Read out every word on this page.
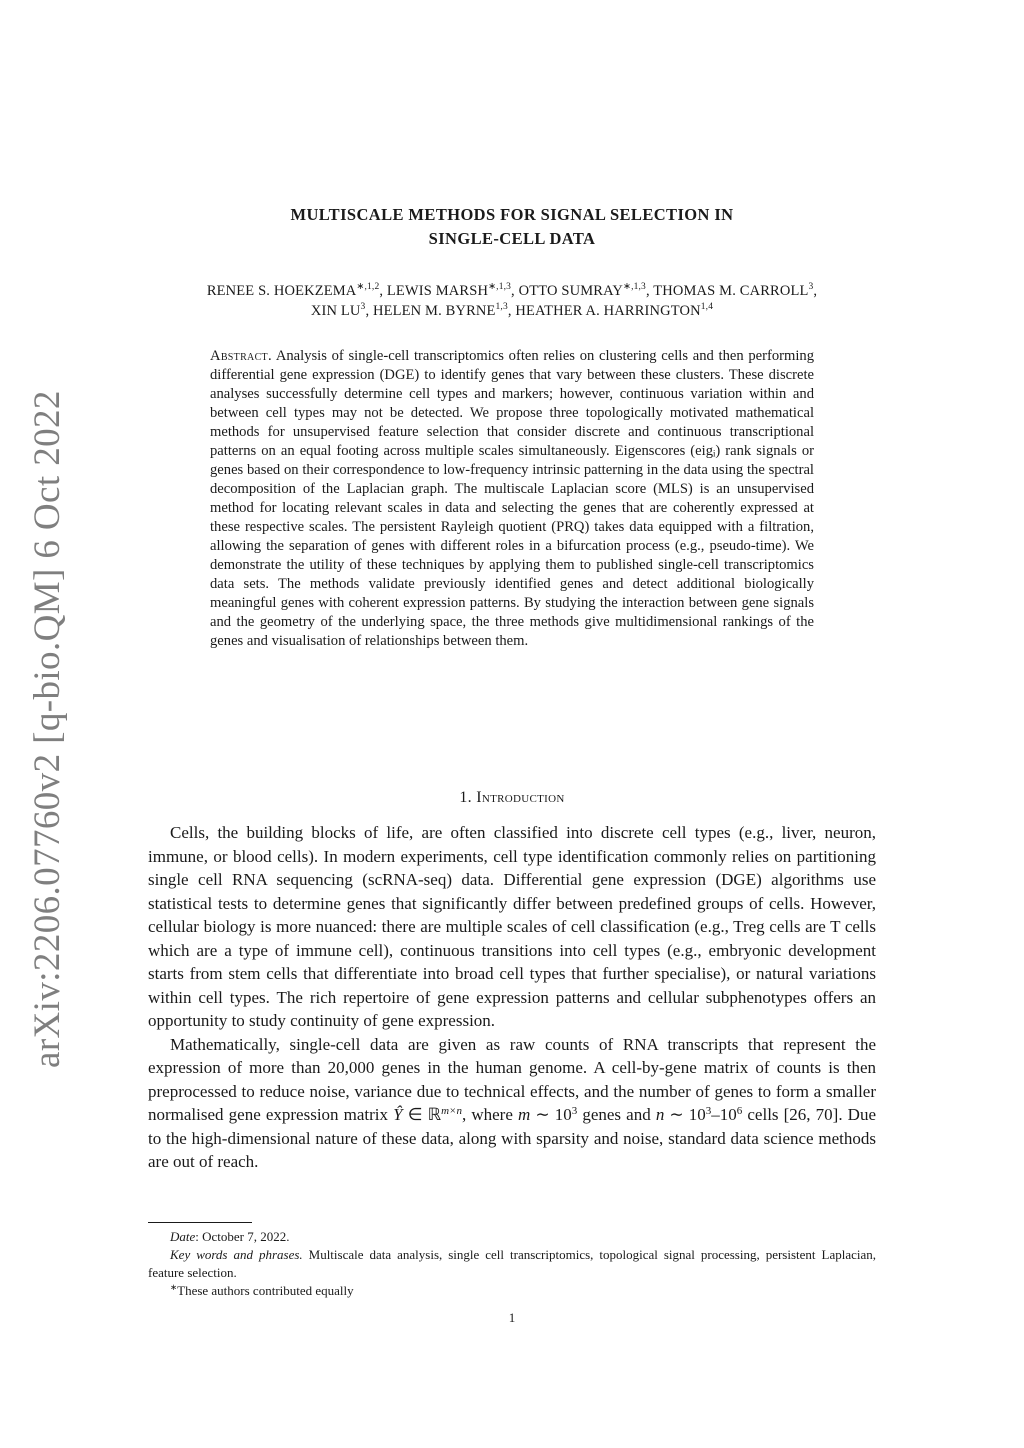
arXiv:2206.07760v2 [q-bio.QM] 6 Oct 2022
MULTISCALE METHODS FOR SIGNAL SELECTION IN
SINGLE-CELL DATA
RENEE S. $HOEKZEMA^{∗,1,2}$, LEWIS $MARSH^{∗,1,3}$, OTTO $SUMRAY^{∗,1,3}$, THOMAS M. CARROLL$^3$,
XIN $LU^3$, HELEN M. BYRNE$^{1,3}$, HEATHER A. HARRINGTON$^{1,4}$
Abstract. Analysis of single-cell transcriptomics often relies on clustering cells and then performing differential gene expression (DGE) to identify genes that vary between these clusters. These discrete analyses successfully determine cell types and markers; however, continuous variation within and between cell types may not be detected. We propose three topologically motivated mathematical methods for unsupervised feature selection that consider discrete and continuous transcriptional patterns on an equal footing across multiple scales simultaneously. Eigenscores (eigᵢ) rank signals or genes based on their correspondence to low-frequency intrinsic patterning in the data using the spectral decomposition of the Laplacian graph. The multiscale Laplacian score (MLS) is an unsupervised method for locating relevant scales in data and selecting the genes that are coherently expressed at these respective scales. The persistent Rayleigh quotient (PRQ) takes data equipped with a filtration, allowing the separation of genes with different roles in a bifurcation process (e.g., pseudo-time). We demonstrate the utility of these techniques by applying them to published single-cell transcriptomics data sets. The methods validate previously identified genes and detect additional biologically meaningful genes with coherent expression patterns. By studying the interaction between gene signals and the geometry of the underlying space, the three methods give multidimensional rankings of the genes and visualisation of relationships between them.
1. Introduction

Cells, the building blocks of life, are often classified into discrete cell types (e.g., liver, neuron, immune, or blood cells). In modern experiments, cell type identification commonly relies on partitioning single cell RNA sequencing (scRNA-seq) data. Differential gene expression (DGE) algorithms use statistical tests to determine genes that significantly differ between predefined groups of cells. However, cellular biology is more nuanced: there are multiple scales of cell classification (e.g., Treg cells are T cells which are a type of immune cell), continuous transitions into cell types (e.g., embryonic development starts from stem cells that differentiate into broad cell types that further specialise), or natural variations within cell types. The rich repertoire of gene expression patterns and cellular subphenotypes offers an opportunity to study continuity of gene expression.

Mathematically, single-cell data are given as raw counts of RNA transcripts that represent the expression of more than 20,000 genes in the human genome. A cell-by-gene matrix of counts is then preprocessed to reduce noise, variance due to technical effects, and the number of genes to form a smaller normalised gene expression matrix Ŷ ∈ ℝ$^{m\times n}$, where m ∼ $10^3$ genes and n ∼ $10^3-10^6$ cells [26, 70]. Due to the high-dimensional nature of these data, along with sparsity and noise, standard data science methods are out of reach.

Date: October 7, 2022.

Key words and phrases. Multiscale data analysis, single cell transcriptomics, topological signal processing, persistent Laplacian, feature selection.

∗These authors contributed equally

1
